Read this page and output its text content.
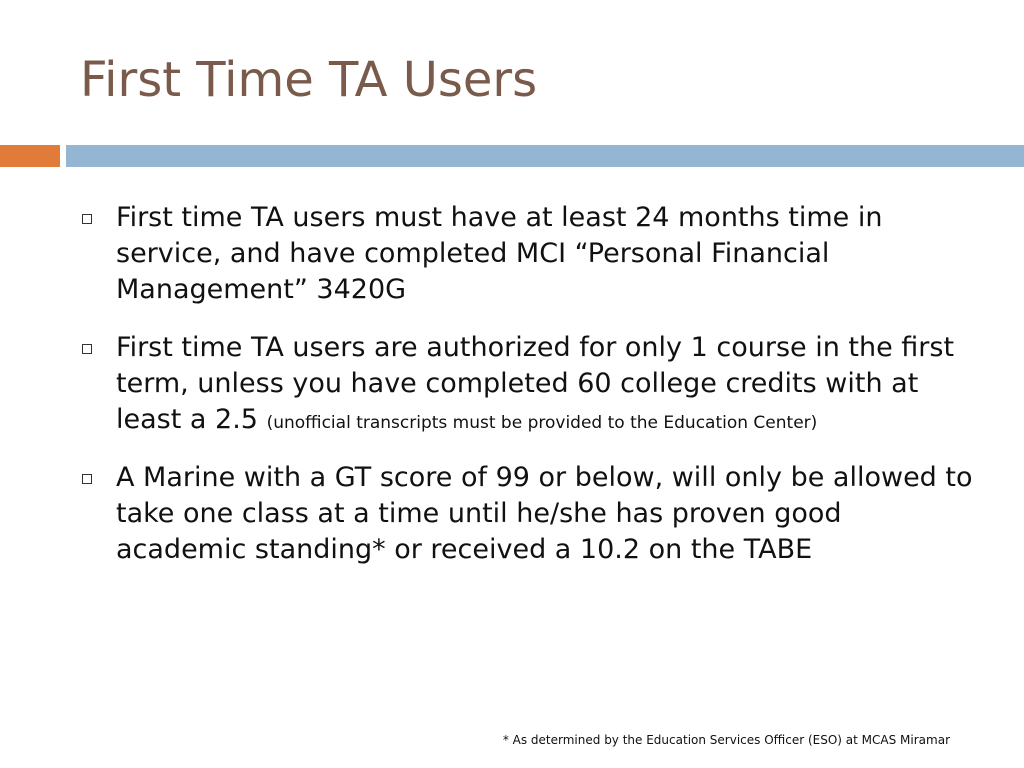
First Time TA Users
First time TA users must have at least 24 months time in service, and have completed MCI “Personal Financial Management” 3420G
First time TA users are authorized for only 1 course in the first term, unless you have completed 60 college credits with at least a 2.5 (unofficial transcripts must be provided to the Education Center)
A Marine with a GT score of 99 or below, will only be allowed to take one class at a time until he/she has proven good academic standing* or received a 10.2 on the TABE
* As determined by the Education Services Officer (ESO) at MCAS Miramar
